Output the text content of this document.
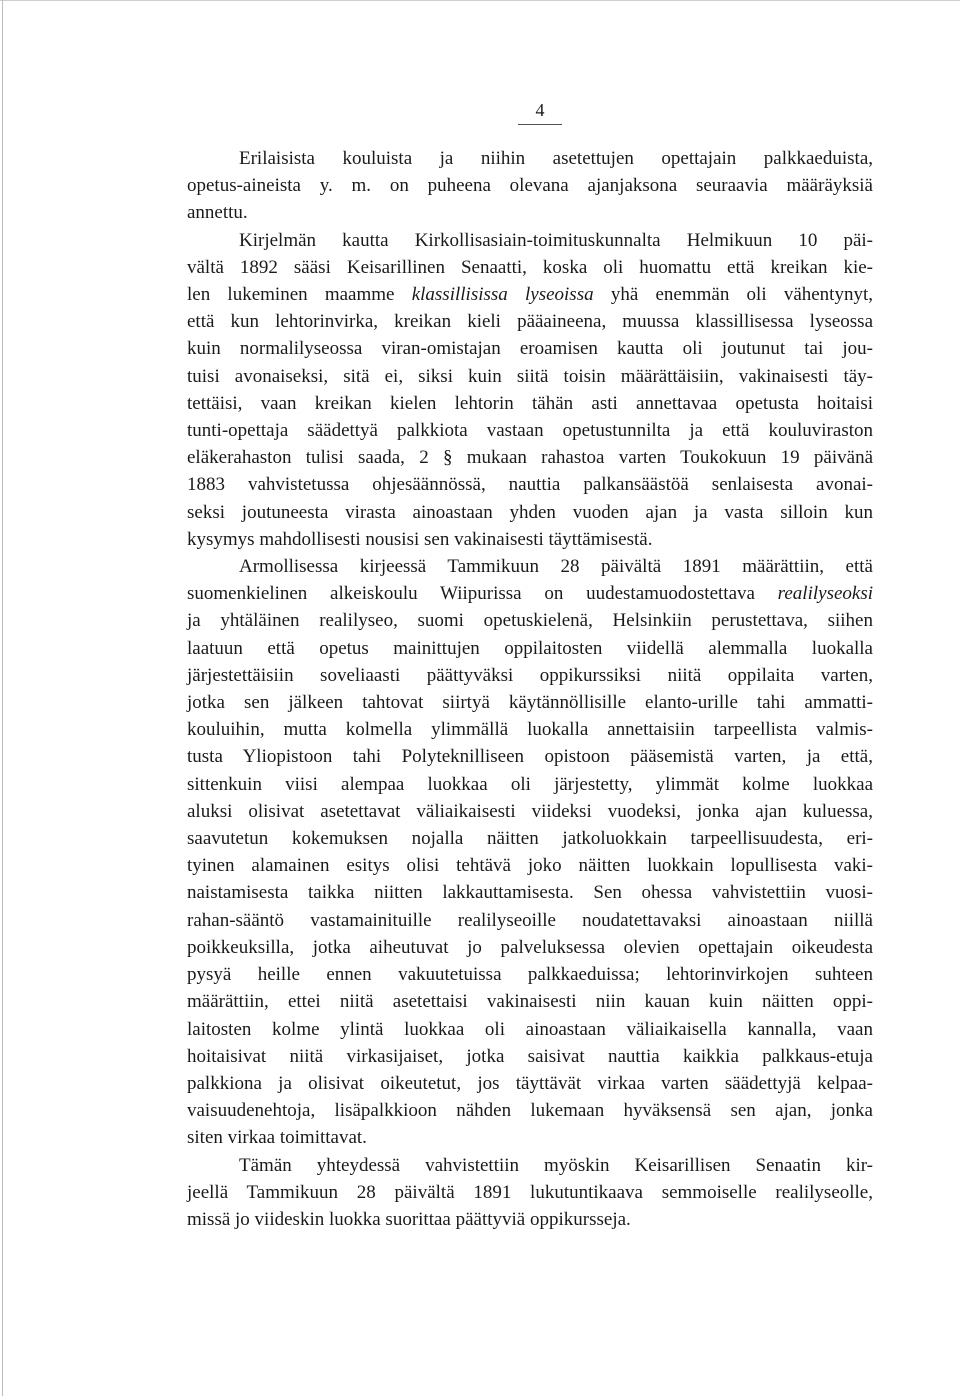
4
Erilaisista kouluista ja niihin asetettujen opettajain palkkaeduista,
opetus-aineista y. m. on puheena olevana ajanjaksona seuraavia määräyksiä
annettu.
Kirjelmän kautta Kirkollisasiain-toimituskunnalta Helmikuun 10 päi-
vältä 1892 sääsi Keisarillinen Senaatti, koska oli huomattu että kreikan kie-
len lukeminen maamme klassillisissa lyseoissa yhä enemmän oli vähentynyt,
että kun lehtorinvirka, kreikan kieli pääaineena, muussa klassillisessa lyseossa
kuin normalilyseossa viran-omistajan eroamisen kautta oli joutunut tai jou-
tuisi avonaiseksi, sitä ei, siksi kuin siitä toisin määrättäisiin, vakinaisesti täy-
tettäisi, vaan kreikan kielen lehtorin tähän asti annettavaa opetusta hoitaisi
tunti-opettaja säädettyä palkkiota vastaan opetustunnilta ja että kouluviraston
eläkerahaston tulisi saada, 2 § mukaan rahastoa varten Toukokuun 19 päivänä
1883 vahvistetussa ohjesäännössä, nauttia palkansäästöä senlaisesta avonai-
seksi joutuneesta virasta ainoastaan yhden vuoden ajan ja vasta silloin kun
kysymys mahdollisesti nousisi sen vakinaisesti täyttämisestä.
Armollisessa kirjeessä Tammikuun 28 päivältä 1891 määrättiin, että
suomenkielinen alkeiskoulu Wiipurissa on uudestamuodostettava realilyseoksi
ja yhtäläinen realilyseo, suomi opetuskielenä, Helsinkiin perustettava, siihen
laatuun että opetus mainittujen oppilaitosten viidellä alemmalla luokalla
järjestettäisiin soveliaasti päättyväksi oppikurssiksi niitä oppilaita varten,
jotka sen jälkeen tahtovat siirtyä käytännöllisille elanto-urille tahi ammatti-
kouluihin, mutta kolmella ylimmällä luokalla annettaisiin tarpeellista valmis-
tusta Yliopistoon tahi Polyteknilliseen opistoon pääsemistä varten, ja että,
sittenkuin viisi alempaa luokkaa oli järjestetty, ylimmät kolme luokkaa
aluksi olisivat asetettavat väliaikaisesti viideksi vuodeksi, jonka ajan kuluessa,
saavutetun kokemuksen nojalla näitten jatkoluokkain tarpeellisuudesta, eri-
tyinen alamainen esitys olisi tehtävä joko näitten luokkain lopullisesta vaki-
naistamisesta taikka niitten lakkauttamisesta. Sen ohessa vahvistettiin vuosi-
rahan-sääntö vastamainituille realilyseoille noudatettavaksi ainoastaan niillä
poikkeuksilla, jotka aiheutuvat jo palveluksessa olevien opettajain oikeudesta
pysyä heille ennen vakuutetuissa palkkaeduissa; lehtorinvirkojen suhteen
määrättiin, ettei niitä asetettaisi vakinaisesti niin kauan kuin näitten oppi-
laitosten kolme ylintä luokkaa oli ainoastaan väliaikaisella kannalla, vaan
hoitaisivat niitä virkasijaiset, jotka saisivat nauttia kaikkia palkkaus-etuja
palkkiona ja olisivat oikeutetut, jos täyttävät virkaa varten säädettyjä kelpaa-
vaisuudenehtoja, lisäpalkkioon nähden lukemaan hyväksensä sen ajan, jonka
siten virkaa toimittavat.
Tämän yhteydessä vahvistettiin myöskin Keisarillisen Senaatin kir-
jeellä Tammikuun 28 päivältä 1891 lukutuntikaava semmoiselle realilyseolle,
missä jo viideskin luokka suorittaa päättyviä oppikursseja.
